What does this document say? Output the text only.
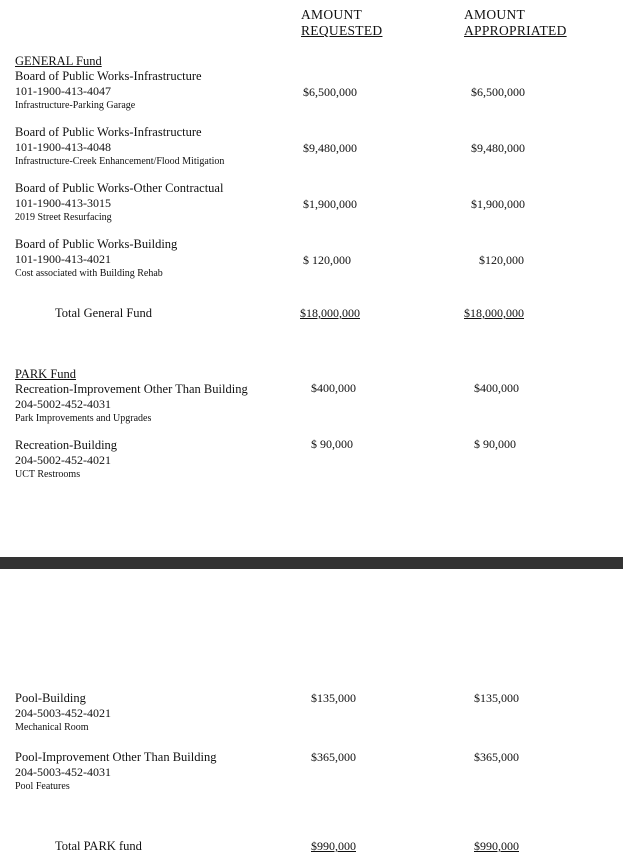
AMOUNT
REQUESTED
AMOUNT
APPROPRIATED
GENERAL Fund
Board of Public Works-Infrastructure
101-1900-413-4047
Infrastructure-Parking Garage
$6,500,000	$6,500,000
Board of Public Works-Infrastructure
101-1900-413-4048
Infrastructure-Creek Enhancement/Flood Mitigation
$9,480,000	$9,480,000
Board of Public Works-Other Contractual
101-1900-413-3015
2019 Street Resurfacing
$1,900,000	$1,900,000
Board of Public Works-Building
101-1900-413-4021
Cost associated with Building Rehab
$ 120,000	$120,000
Total General Fund	$18,000,000	$18,000,000
PARK Fund
Recreation-Improvement Other Than Building
204-5002-452-4031
Park Improvements and Upgrades
$400,000	$400,000
Recreation-Building
204-5002-452-4021
UCT Restrooms
$ 90,000	$ 90,000
Pool-Building
204-5003-452-4021
Mechanical Room
$135,000	$135,000
Pool-Improvement Other Than Building
204-5003-452-4031
Pool Features
$365,000	$365,000
Total PARK fund	$990,000	$990,000
